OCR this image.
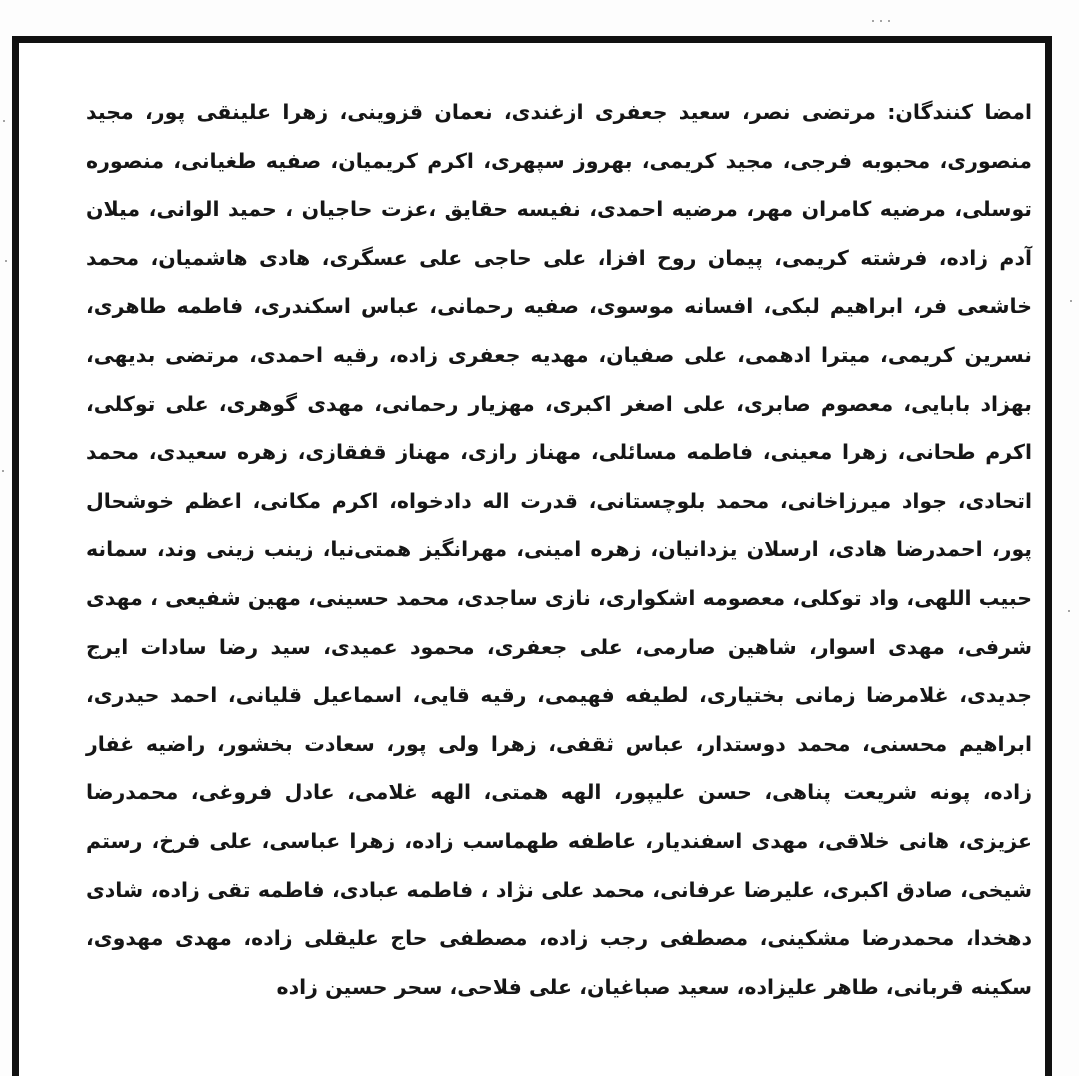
امضا کنندگان: مرتضی نصر، سعید جعفری ازغندی، نعمان قزوینی، زهرا علینقی پور، مجید منصوری، محبوبه فرجی، مجید کریمی، بهروز سپهری، اکرم کریمیان، صفیه طغیانی، منصوره توسلی، مرضیه کامران مهر، مرضیه احمدی، نفیسه حقایق ،عزت حاجیان ، حمید الوانی، میلان آدم زاده، فرشته کریمی، پیمان روح افزا، علی حاجی علی عسگری، هادی هاشمیان، محمد خاشعی فر، ابراهیم لبکی، افسانه موسوی، صفیه رحمانی، عباس اسکندری، فاطمه طاهری، نسرین کریمی، میترا ادهمی، علی صفیان، مهدیه جعفری زاده، رقیه احمدی، مرتضی بدیهی، بهزاد بابایی، معصوم صابری، علی اصغر اکبری، مهزیار رحمانی، مهدی گوهری، علی توکلی، اکرم طحانی، زهرا معینی، فاطمه مسائلی، مهناز رازی، مهناز قفقازی، زهره سعیدی، محمد اتحادی، جواد میرزاخانی، محمد بلوچستانی، قدرت اله دادخواه، اکرم مکانی، اعظم خوشحال پور، احمدرضا هادی، ارسلان یزدانیان، زهره امینی، مهرانگیز همتی‌نیا، زینب زینی وند، سمانه حبیب اللهی، واد توکلی، معصومه اشکواری، نازی ساجدی، محمد حسینی، مهین شفیعی ، مهدی شرفی، مهدی اسوار، شاهین صارمی، علی جعفری، محمود عمیدی، سید رضا سادات ایرج جدیدی، غلامرضا زمانی بختیاری، لطیفه فهیمی، رقیه قایی، اسماعیل قلیانی، احمد حیدری، ابراهیم محسنی، محمد دوستدار، عباس ثقفی، زهرا ولی پور، سعادت بخشور، راضیه غفار زاده، پونه شریعت پناهی، حسن علیپور، الهه همتی، الهه غلامی، عادل فروغی، محمدرضا عزیزی، هانی خلاقی، مهدی اسفندیار، عاطفه طهماسب زاده، زهرا عباسی، علی فرخ، رستم شیخی، صادق اکبری، علیرضا عرفانی، محمد علی نژاد ، فاطمه عبادی، فاطمه تقی زاده، شادی دهخدا، محمدرضا مشکینی، مصطفی رجب زاده، مصطفی حاج علیقلی زاده، مهدی مهدوی، سکینه قربانی، طاهر علیزاده، سعید صباغیان، علی فلاحی، سحر حسین زاده
